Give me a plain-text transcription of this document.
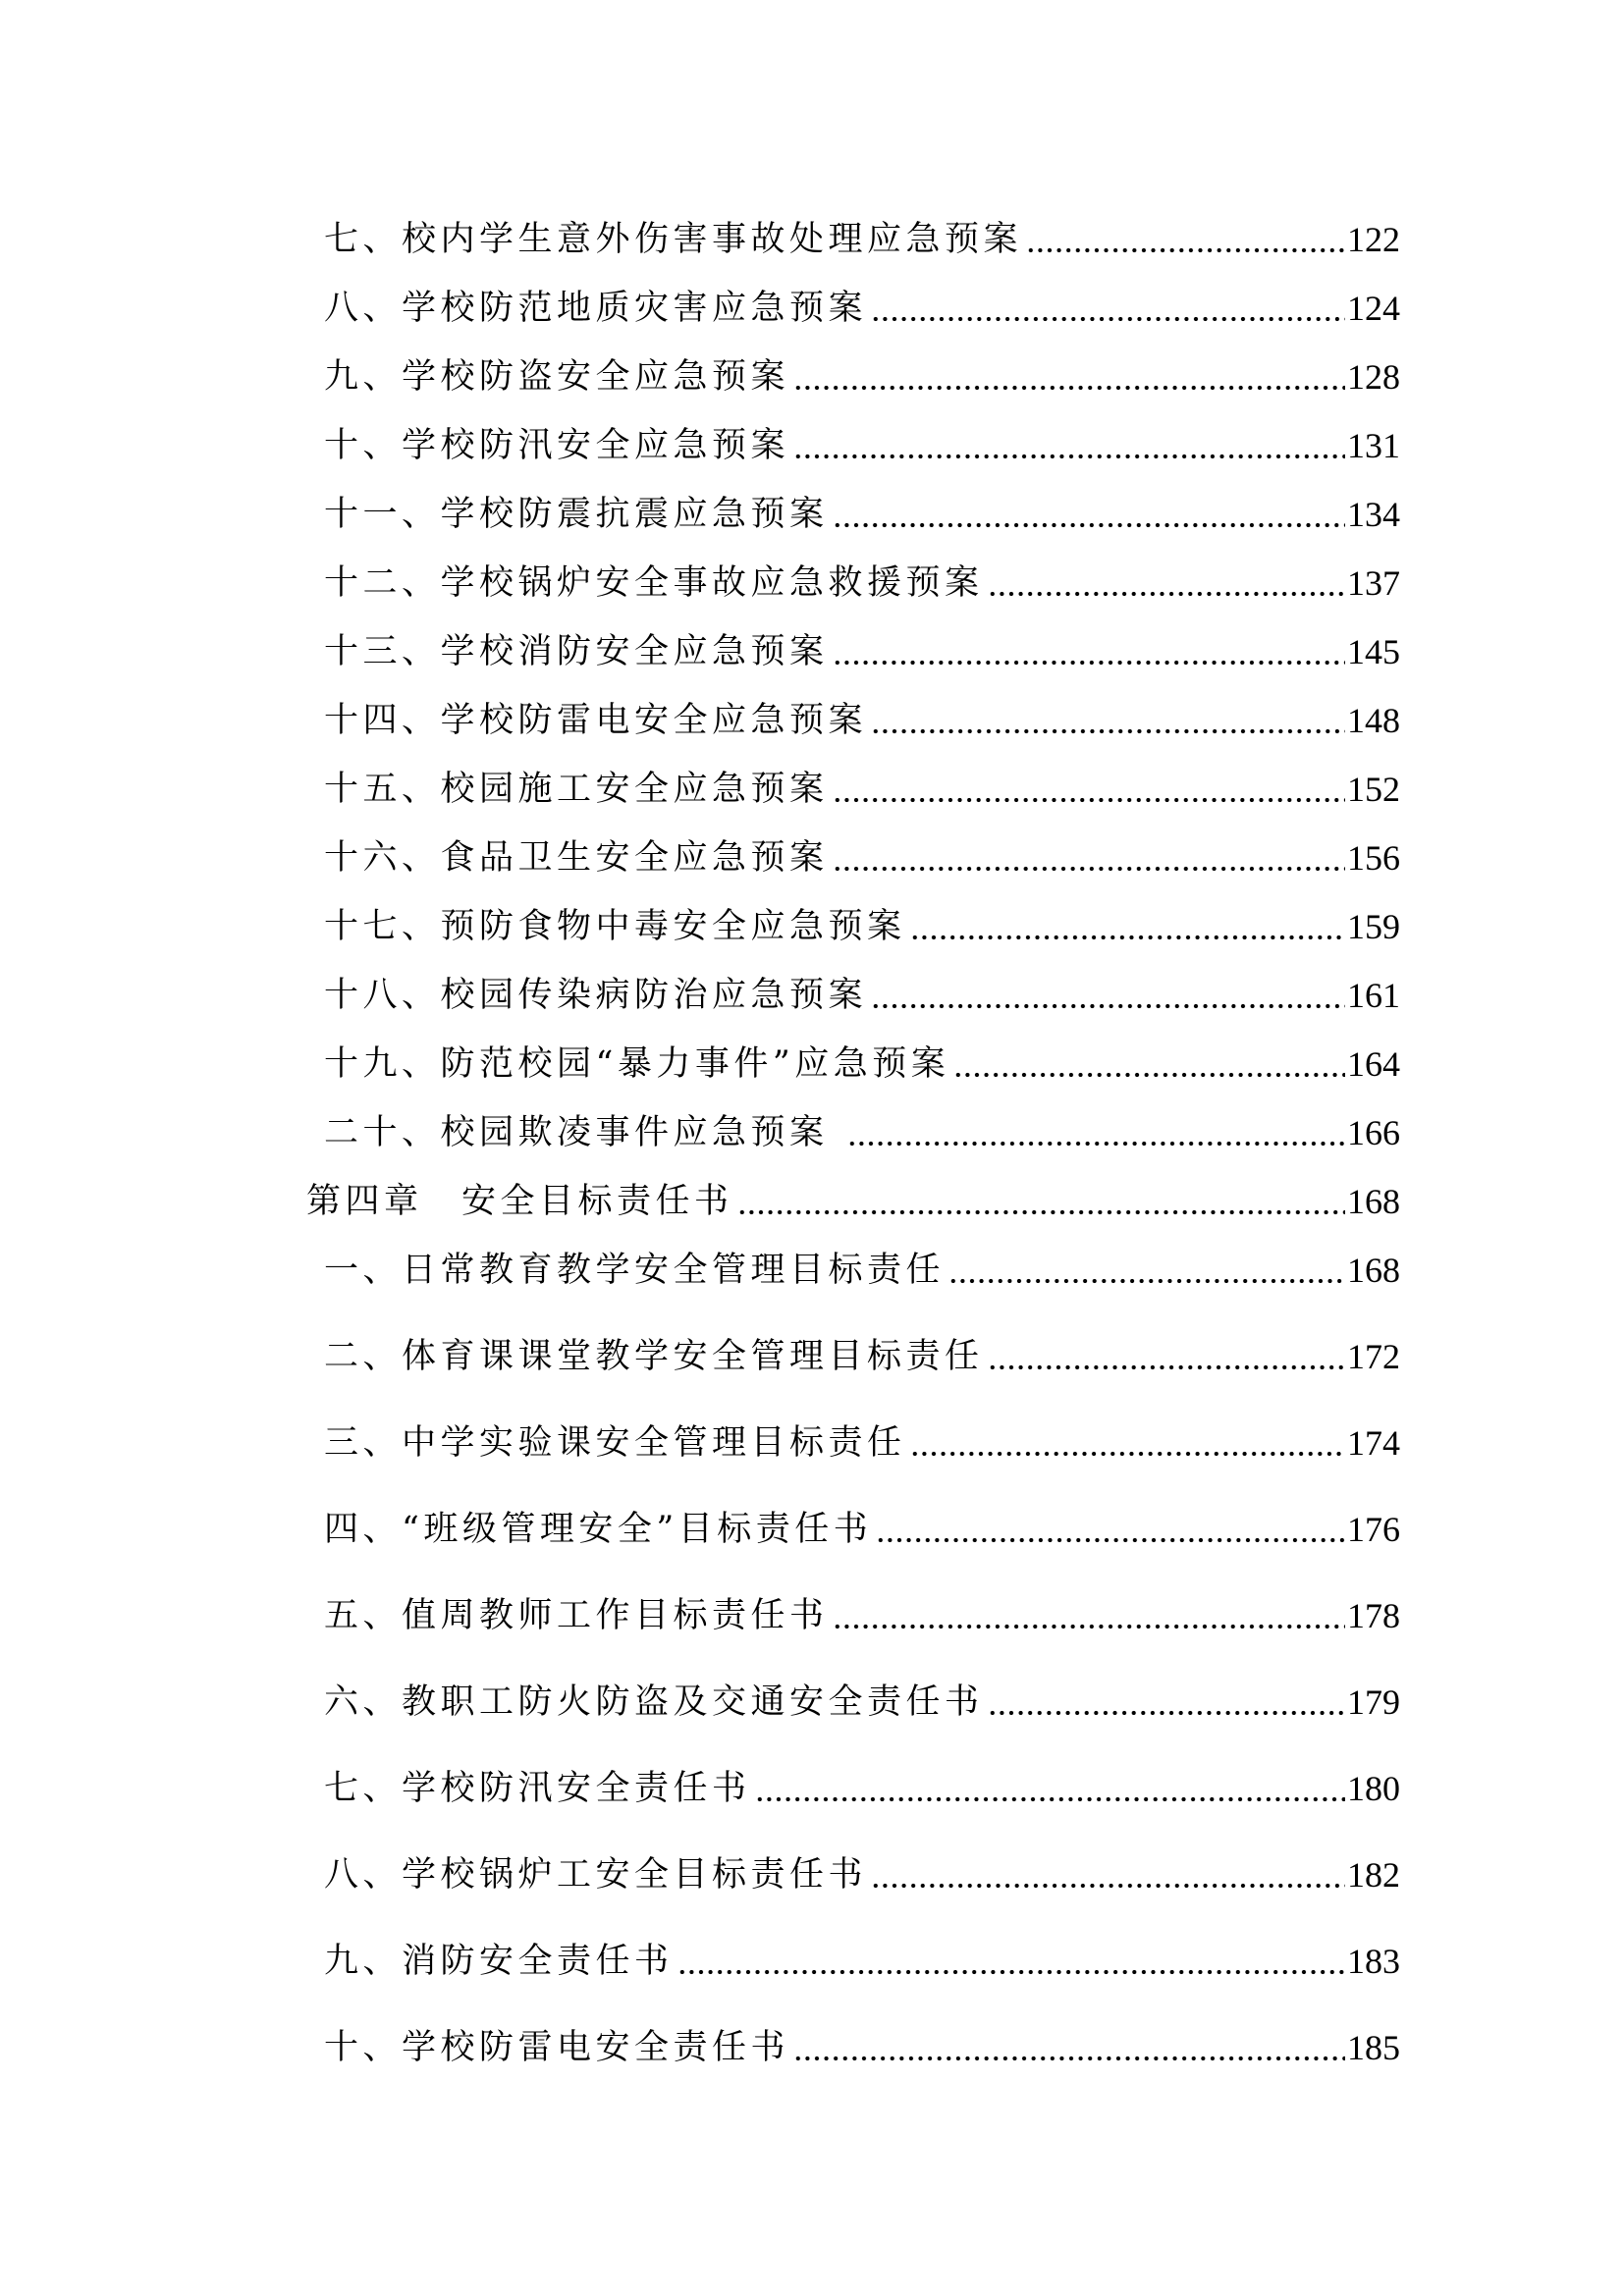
七、校内学生意外伤害事故处理应急预案	122
八、学校防范地质灾害应急预案	124
九、学校防盗安全应急预案	128
十、学校防汛安全应急预案	131
十一、学校防震抗震应急预案	134
十二、学校锅炉安全事故应急救援预案	137
十三、学校消防安全应急预案	145
十四、学校防雷电安全应急预案	148
十五、校园施工安全应急预案	152
十六、食品卫生安全应急预案	156
十七、预防食物中毒安全应急预案	159
十八、校园传染病防治应急预案	161
十九、防范校园“暴力事件”应急预案	164
二十、校园欺凌事件应急预案	166
第四章　安全目标责任书	168
一、日常教育教学安全管理目标责任	168
二、体育课课堂教学安全管理目标责任	172
三、中学实验课安全管理目标责任	174
四、“班级管理安全”目标责任书	176
五、值周教师工作目标责任书	178
六、教职工防火防盗及交通安全责任书	179
七、学校防汛安全责任书	180
八、学校锅炉工安全目标责任书	182
九、消防安全责任书	183
十、学校防雷电安全责任书	185
